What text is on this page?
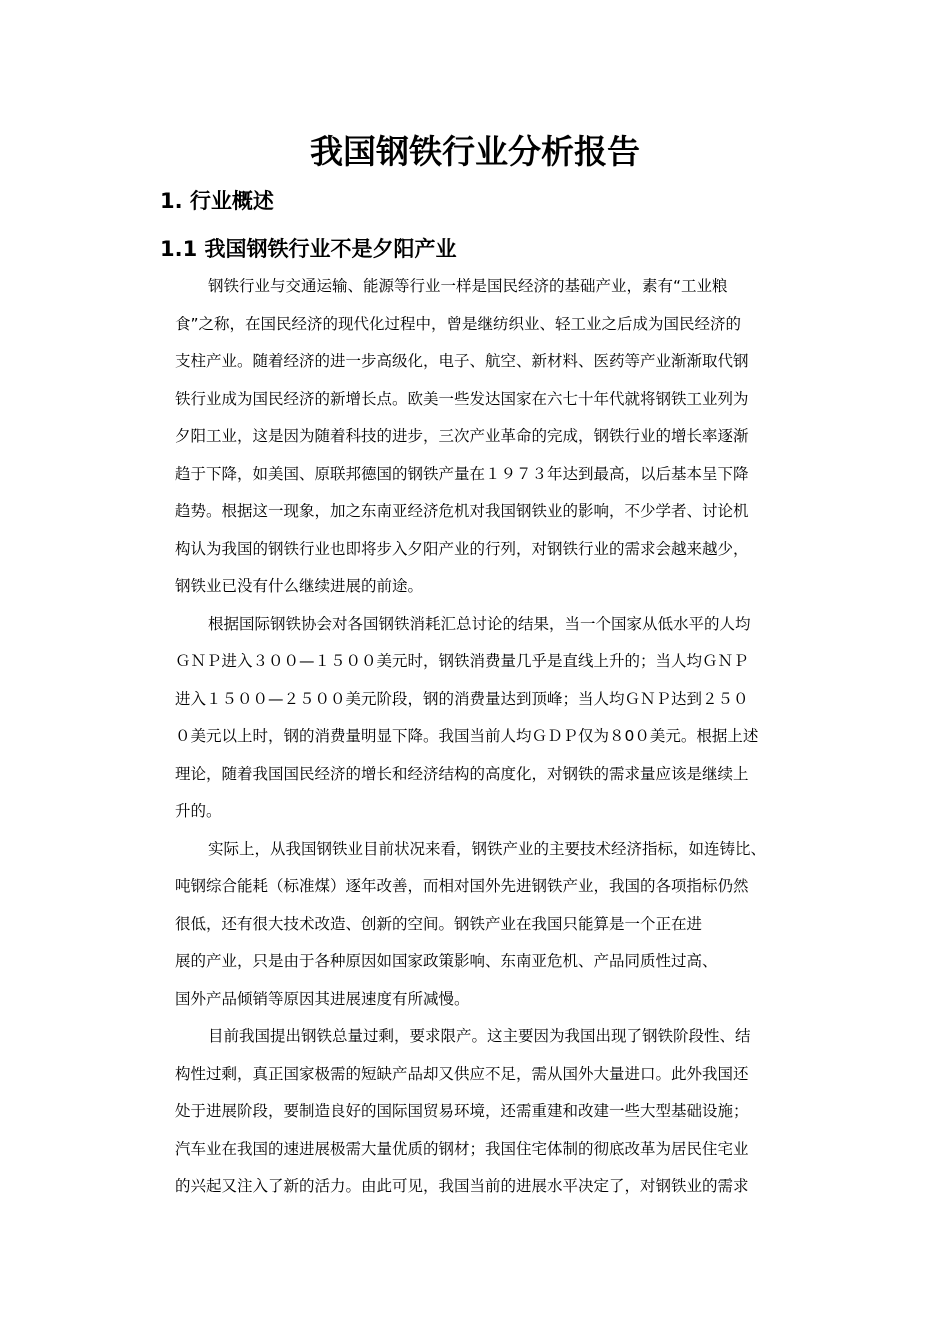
我国钢铁行业分析报告
1. 行业概述
1.1 我国钢铁行业不是夕阳产业
钢铁行业与交通运输、能源等行业一样是国民经济的基础产业，素有“工业粮
食”之称，在国民经济的现代化过程中，曾是继纺织业、轻工业之后成为国民经济的
支柱产业。随着经济的进一步高级化，电子、航空、新材料、医药等产业渐渐取代钢
铁行业成为国民经济的新增长点。欧美一些发达国家在六七十年代就将钢铁工业列为
夕阳工业，这是因为随着科技的进步，三次产业革命的完成，钢铁行业的增长率逐渐
趋于下降，如美国、原联邦德国的钢铁产量在１９７３年达到最高，以后基本呈下降
趋势。根据这一现象，加之东南亚经济危机对我国钢铁业的影响，不少学者、讨论机
构认为我国的钢铁行业也即将步入夕阳产业的行列，对钢铁行业的需求会越来越少，
钢铁业已没有什么继续进展的前途。
根据国际钢铁协会对各国钢铁消耗汇总讨论的结果，当一个国家从低水平的人均
ＧＮＰ进入３００—１５００美元时，钢铁消费量几乎是直线上升的；当人均ＧＮＰ
进入１５００—２５００美元阶段，钢的消费量达到顶峰；当人均ＧＮＰ达到２５０
０美元以上时，钢的消费量明显下降。我国当前人均ＧＤＰ仅为８0０美元。根据上述
理论，随着我国国民经济的增长和经济结构的高度化，对钢铁的需求量应该是继续上
升的。
实际上，从我国钢铁业目前状况来看，钢铁产业的主要技术经济指标，如连铸比、
吨钢综合能耗（标准煤）逐年改善，而相对国外先进钢铁产业，我国的各项指标仍然
很低，还有很大技术改造、创新的空间。钢铁产业在我国只能算是一个正在进
展的产业，只是由于各种原因如国家政策影响、东南亚危机、产品同质性过高、
国外产品倾销等原因其进展速度有所减慢。
目前我国提出钢铁总量过剩，要求限产。这主要因为我国出现了钢铁阶段性、结
构性过剩，真正国家极需的短缺产品却又供应不足，需从国外大量进口。此外我国还
处于进展阶段，要制造良好的国际国贸易环境，还需重建和改建一些大型基础设施；
汽车业在我国的速进展极需大量优质的钢材；我国住宅体制的彻底改革为居民住宅业
的兴起又注入了新的活力。由此可见，我国当前的进展水平决定了，对钢铁业的需求
